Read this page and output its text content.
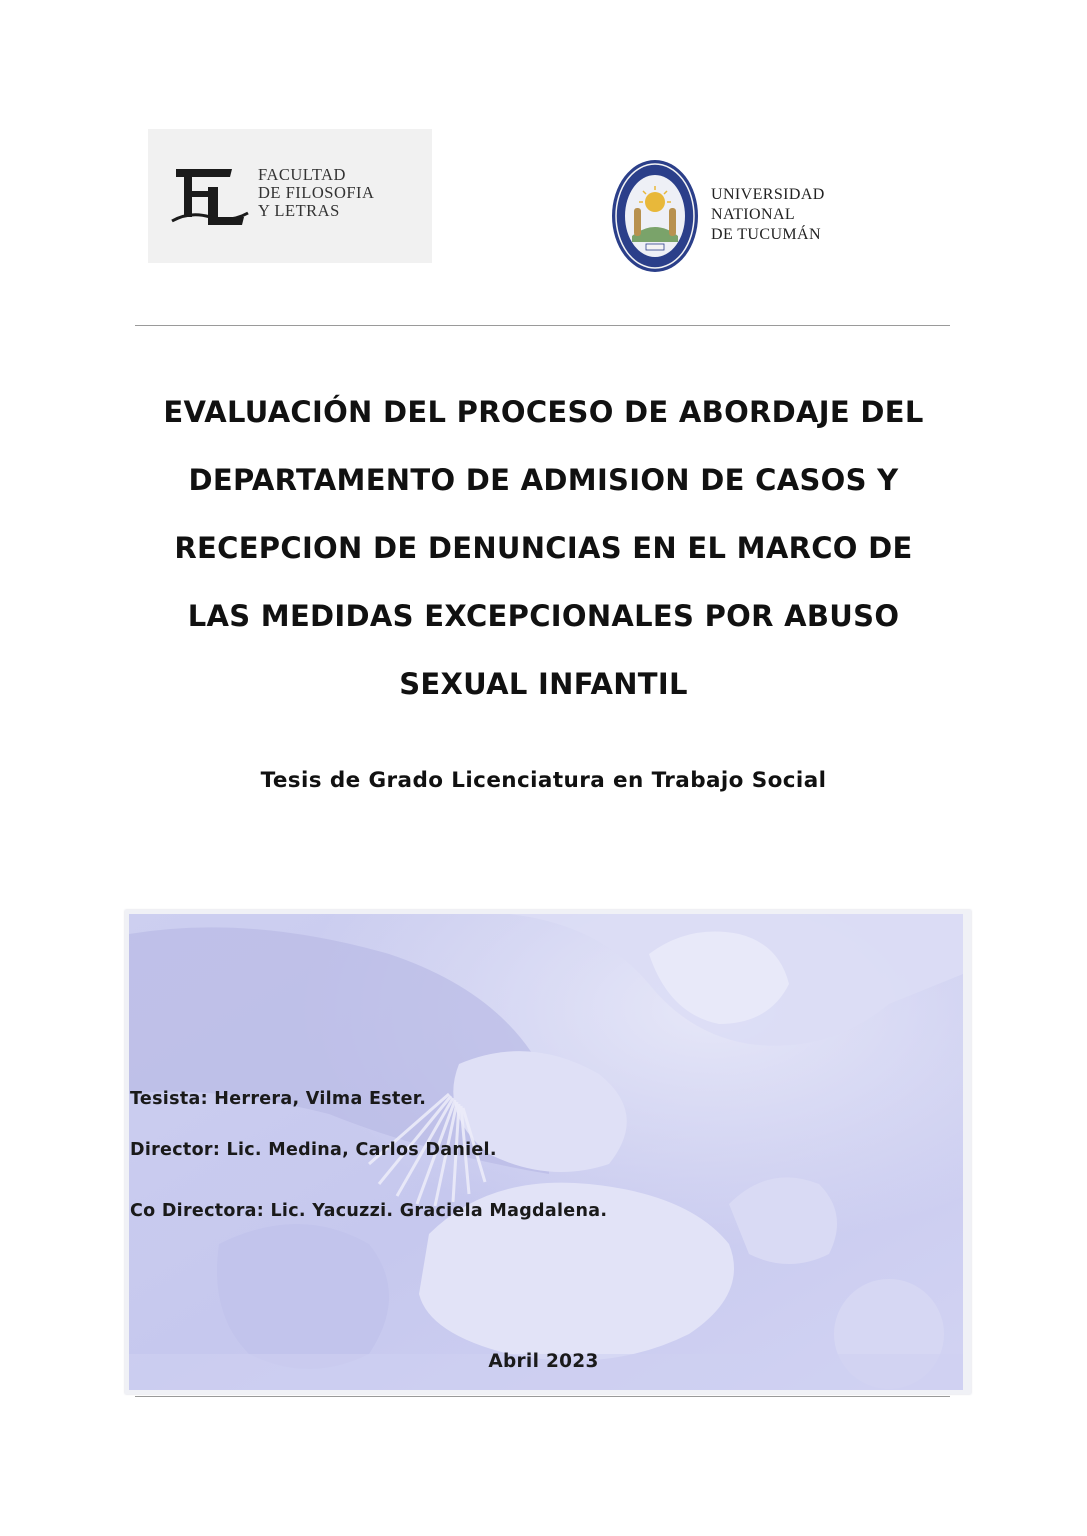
FACULTAD
DE FILOSOFIA
Y LETRAS
UNIVERSIDAD
NATIONAL
DE TUCUMÁN
EVALUACIÓN DEL PROCESO DE ABORDAJE DEL
DEPARTAMENTO DE ADMISION DE CASOS Y
RECEPCION DE DENUNCIAS EN EL MARCO DE
LAS MEDIDAS EXCEPCIONALES POR ABUSO
SEXUAL INFANTIL
Tesis de Grado Licenciatura en Trabajo Social
Tesista: Herrera, Vilma Ester.
Director: Lic. Medina, Carlos Daniel.
Co Directora: Lic. Yacuzzi. Graciela Magdalena.
Abril 2023
